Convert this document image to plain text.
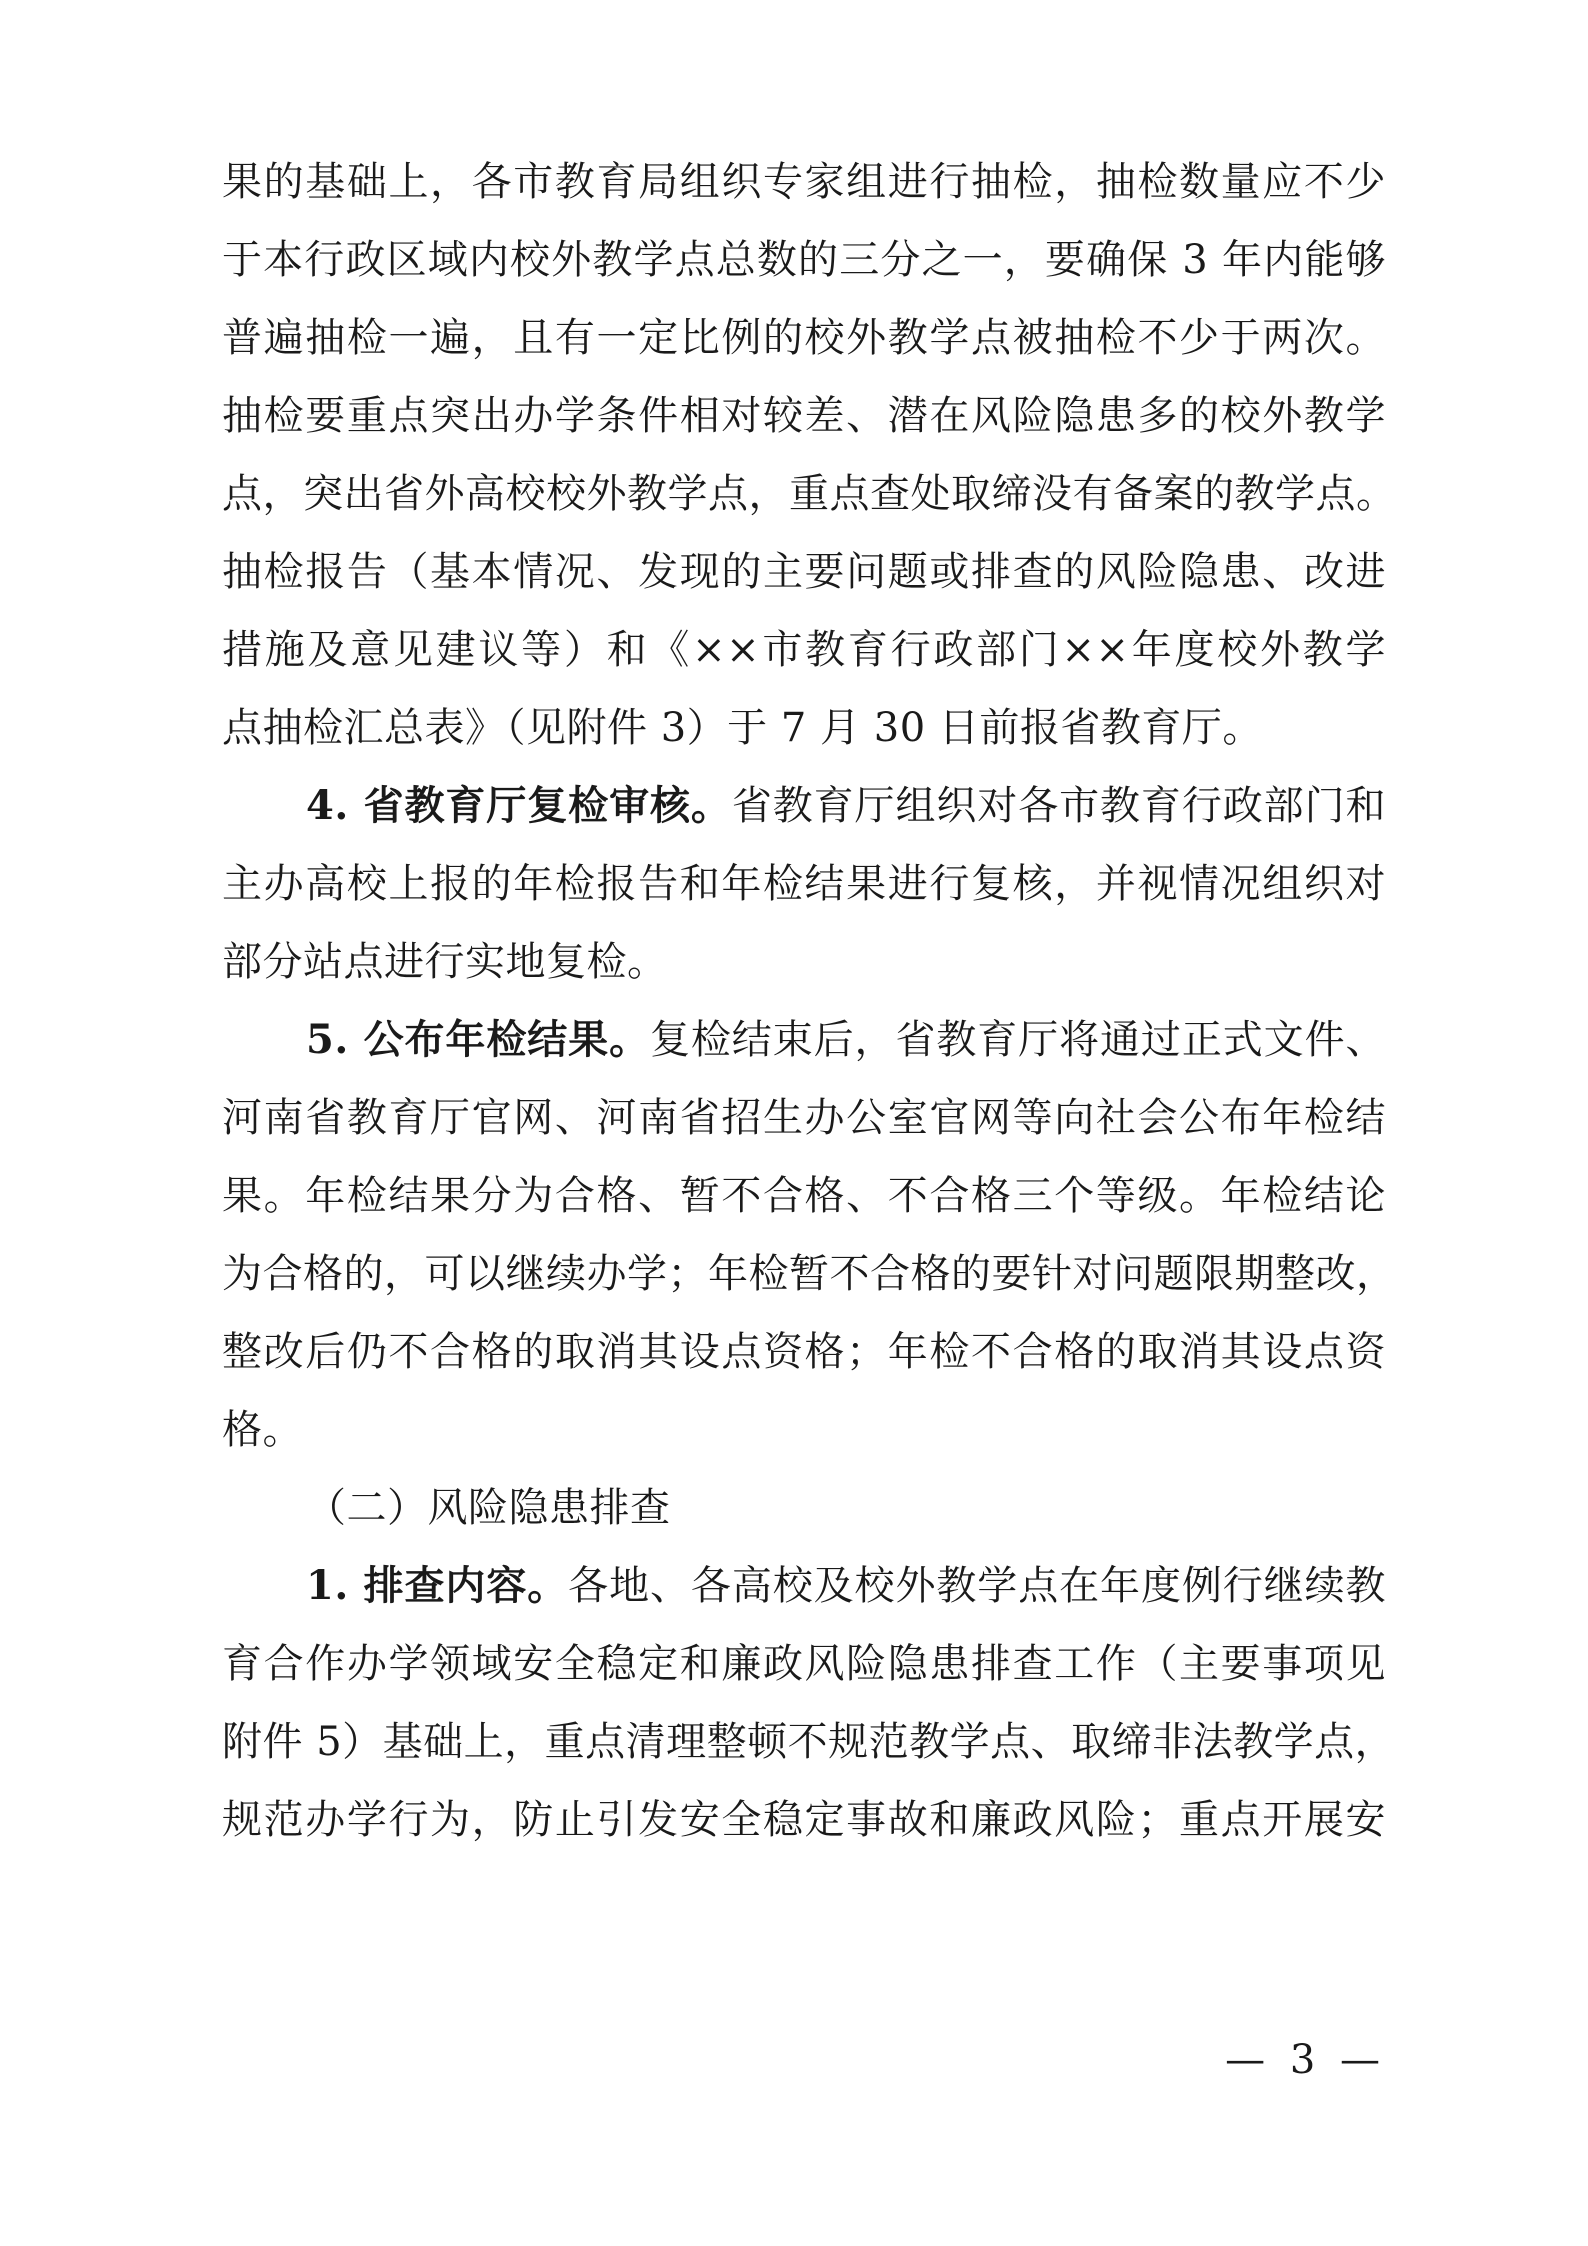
果的基础上，各市教育局组织专家组进行抽检，抽检数量应不少
于本行政区域内校外教学点总数的三分之一，要确保 3 年内能够
普遍抽检一遍，且有一定比例的校外教学点被抽检不少于两次。
抽检要重点突出办学条件相对较差、潜在风险隐患多的校外教学
点，突出省外高校校外教学点，重点查处取缔没有备案的教学点。
抽检报告（基本情况、发现的主要问题或排查的风险隐患、改进
措施及意见建议等）和《××市教育行政部门××年度校外教学
点抽检汇总表》（见附件 3）于 7 月 30 日前报省教育厅。
4. 省教育厅复检审核。省教育厅组织对各市教育行政部门和
主办高校上报的年检报告和年检结果进行复核，并视情况组织对
部分站点进行实地复检。
5. 公布年检结果。复检结束后，省教育厅将通过正式文件、
河南省教育厅官网、河南省招生办公室官网等向社会公布年检结
果。年检结果分为合格、暂不合格、不合格三个等级。年检结论
为合格的，可以继续办学；年检暂不合格的要针对问题限期整改，
整改后仍不合格的取消其设点资格；年检不合格的取消其设点资
格。
（二）风险隐患排查
1. 排查内容。各地、各高校及校外教学点在年度例行继续教
育合作办学领域安全稳定和廉政风险隐患排查工作（主要事项见
附件 5）基础上，重点清理整顿不规范教学点、取缔非法教学点，
规范办学行为，防止引发安全稳定事故和廉政风险；重点开展安
— 3 —
